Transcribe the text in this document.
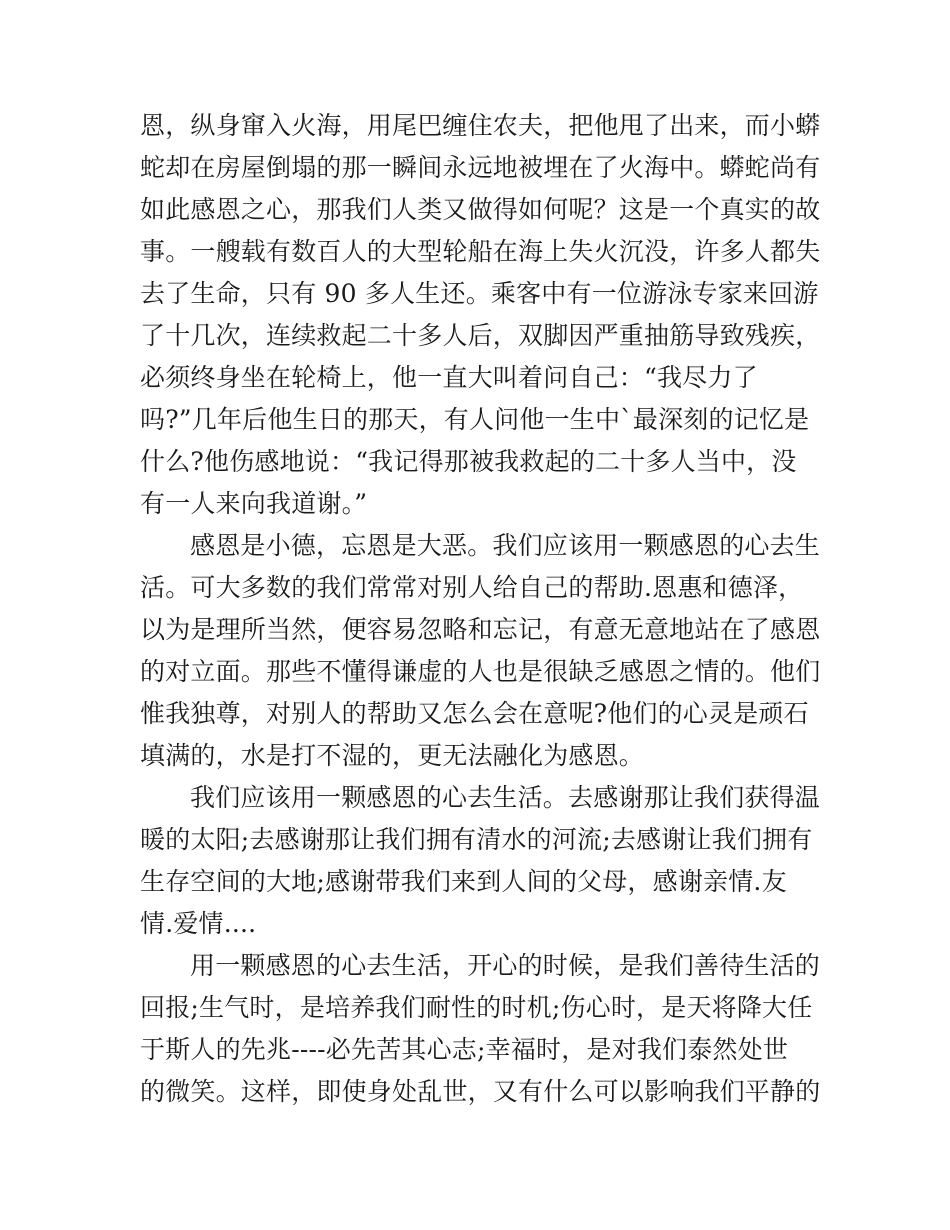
恩，纵身窜入火海，用尾巴缠住农夫，把他甩了出来，而小蟒
蛇却在房屋倒塌的那一瞬间永远地被埋在了火海中。蟒蛇尚有
如此感恩之心，那我们人类又做得如何呢？这是一个真实的故
事。一艘载有数百人的大型轮船在海上失火沉没，许多人都失
去了生命，只有 90 多人生还。乘客中有一位游泳专家来回游
了十几次，连续救起二十多人后，双脚因严重抽筋导致残疾，
必须终身坐在轮椅上，他一直大叫着问自己：“我尽力了
吗?”几年后他生日的那天，有人问他一生中`最深刻的记忆是
什么?他伤感地说：“我记得那被我救起的二十多人当中，没
有一人来向我道谢。”
感恩是小德，忘恩是大恶。我们应该用一颗感恩的心去生
活。可大多数的我们常常对别人给自己的帮助.恩惠和德泽，
以为是理所当然，便容易忽略和忘记，有意无意地站在了感恩
的对立面。那些不懂得谦虚的人也是很缺乏感恩之情的。他们
惟我独尊，对别人的帮助又怎么会在意呢?他们的心灵是顽石
填满的，水是打不湿的，更无法融化为感恩。
我们应该用一颗感恩的心去生活。去感谢那让我们获得温
暖的太阳;去感谢那让我们拥有清水的河流;去感谢让我们拥有
生存空间的大地;感谢带我们来到人间的父母，感谢亲情.友
情.爱情....
用一颗感恩的心去生活，开心的时候，是我们善待生活的
回报;生气时，是培养我们耐性的时机;伤心时，是天将降大任
于斯人的先兆----必先苦其心志;幸福时，是对我们泰然处世
的微笑。这样，即使身处乱世，又有什么可以影响我们平静的
